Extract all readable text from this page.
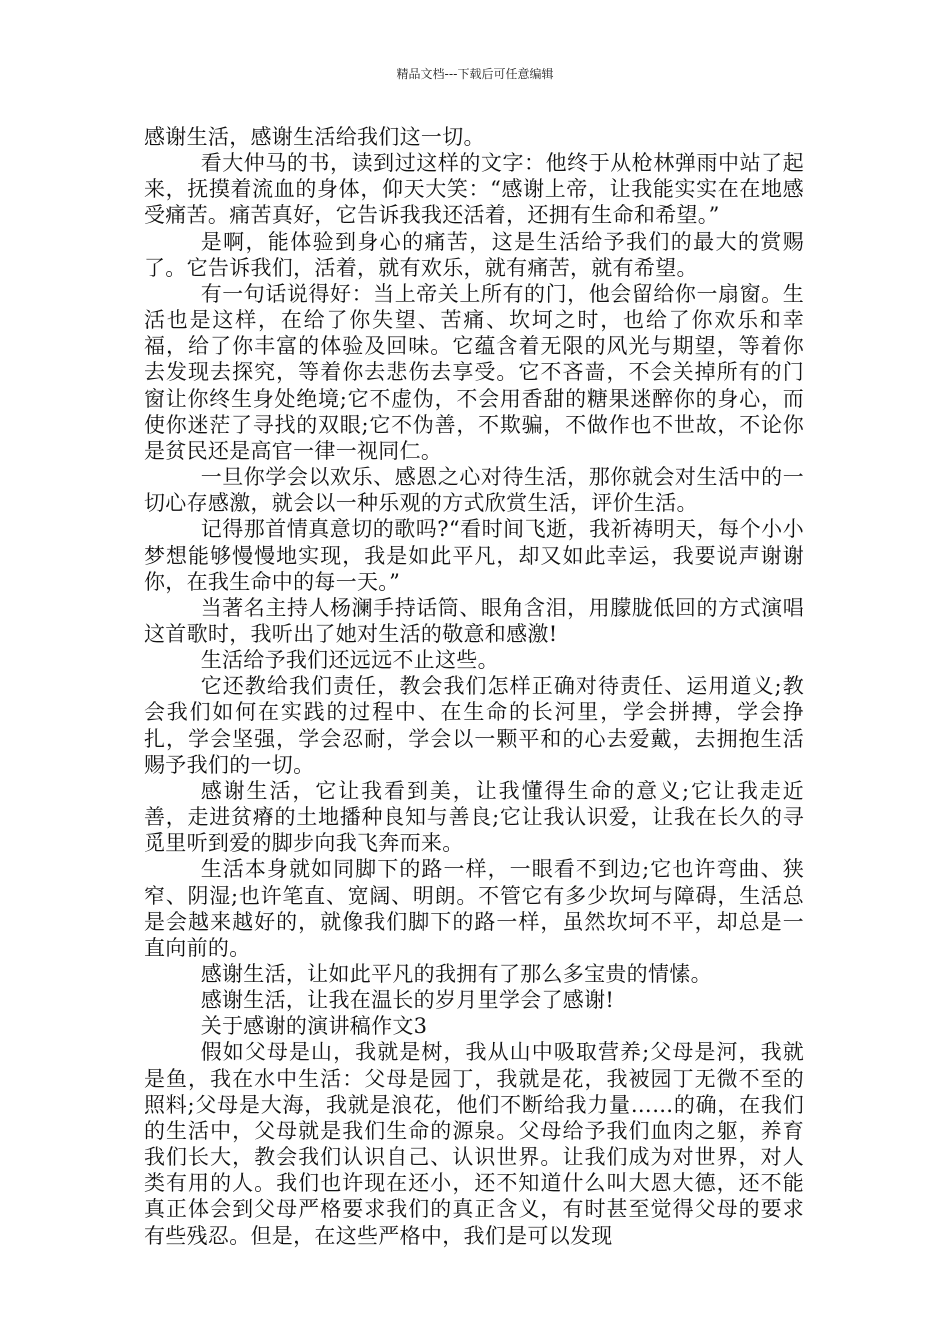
精品文档---下载后可任意编辑

感谢生活，感谢生活给我们这一切。

看大仲马的书，读到过这样的文字：他终于从枪林弹雨中站了起来，抚摸着流血的身体，仰天大笑：“感谢上帝，让我能实实在在地感受痛苦。痛苦真好，它告诉我我还活着，还拥有生命和希望。”

是啊，能体验到身心的痛苦，这是生活给予我们的最大的赏赐了。它告诉我们，活着，就有欢乐，就有痛苦，就有希望。

有一句话说得好：当上帝关上所有的门，他会留给你一扇窗。生活也是这样，在给了你失望、苦痛、坎坷之时，也给了你欢乐和幸福，给了你丰富的体验及回味。它蕴含着无限的风光与期望，等着你去发现去探究，等着你去悲伤去享受。它不吝啬，不会关掉所有的门窗让你终生身处绝境;它不虚伪，不会用香甜的糖果迷醉你的身心，而使你迷茫了寻找的双眼;它不伪善，不欺骗，不做作也不世故，不论你是贫民还是高官一律一视同仁。

一旦你学会以欢乐、感恩之心对待生活，那你就会对生活中的一切心存感激，就会以一种乐观的方式欣赏生活，评价生活。

记得那首情真意切的歌吗?“看时间飞逝，我祈祷明天，每个小小梦想能够慢慢地实现，我是如此平凡，却又如此幸运，我要说声谢谢你，在我生命中的每一天。”

当著名主持人杨澜手持话筒、眼角含泪，用朦胧低回的方式演唱这首歌时，我听出了她对生活的敬意和感激!

生活给予我们还远远不止这些。

它还教给我们责任，教会我们怎样正确对待责任、运用道义;教会我们如何在实践的过程中、在生命的长河里，学会拼搏，学会挣扎，学会坚强，学会忍耐，学会以一颗平和的心去爱戴，去拥抱生活赐予我们的一切。

感谢生活，它让我看到美，让我懂得生命的意义;它让我走近善，走进贫瘠的土地播种良知与善良;它让我认识爱，让我在长久的寻觅里听到爱的脚步向我飞奔而来。

生活本身就如同脚下的路一样，一眼看不到边;它也许弯曲、狭窄、阴湿;也许笔直、宽阔、明朗。不管它有多少坎坷与障碍，生活总是会越来越好的，就像我们脚下的路一样，虽然坎坷不平，却总是一直向前的。

感谢生活，让如此平凡的我拥有了那么多宝贵的情愫。

感谢生活，让我在温长的岁月里学会了感谢!

关于感谢的演讲稿作文3

假如父母是山，我就是树，我从山中吸取营养;父母是河，我就是鱼，我在水中生活：父母是园丁，我就是花，我被园丁无微不至的照料;父母是大海，我就是浪花，他们不断给我力量……的确，在我们的生活中，父母就是我们生命的源泉。父母给予我们血肉之躯，养育我们长大，教会我们认识自己、认识世界。让我们成为对世界，对人类有用的人。我们也许现在还小，还不知道什么叫大恩大德，还不能真正体会到父母严格要求我们的真正含义，有时甚至觉得父母的要求有些残忍。但是，在这些严格中，我们是可以发现
